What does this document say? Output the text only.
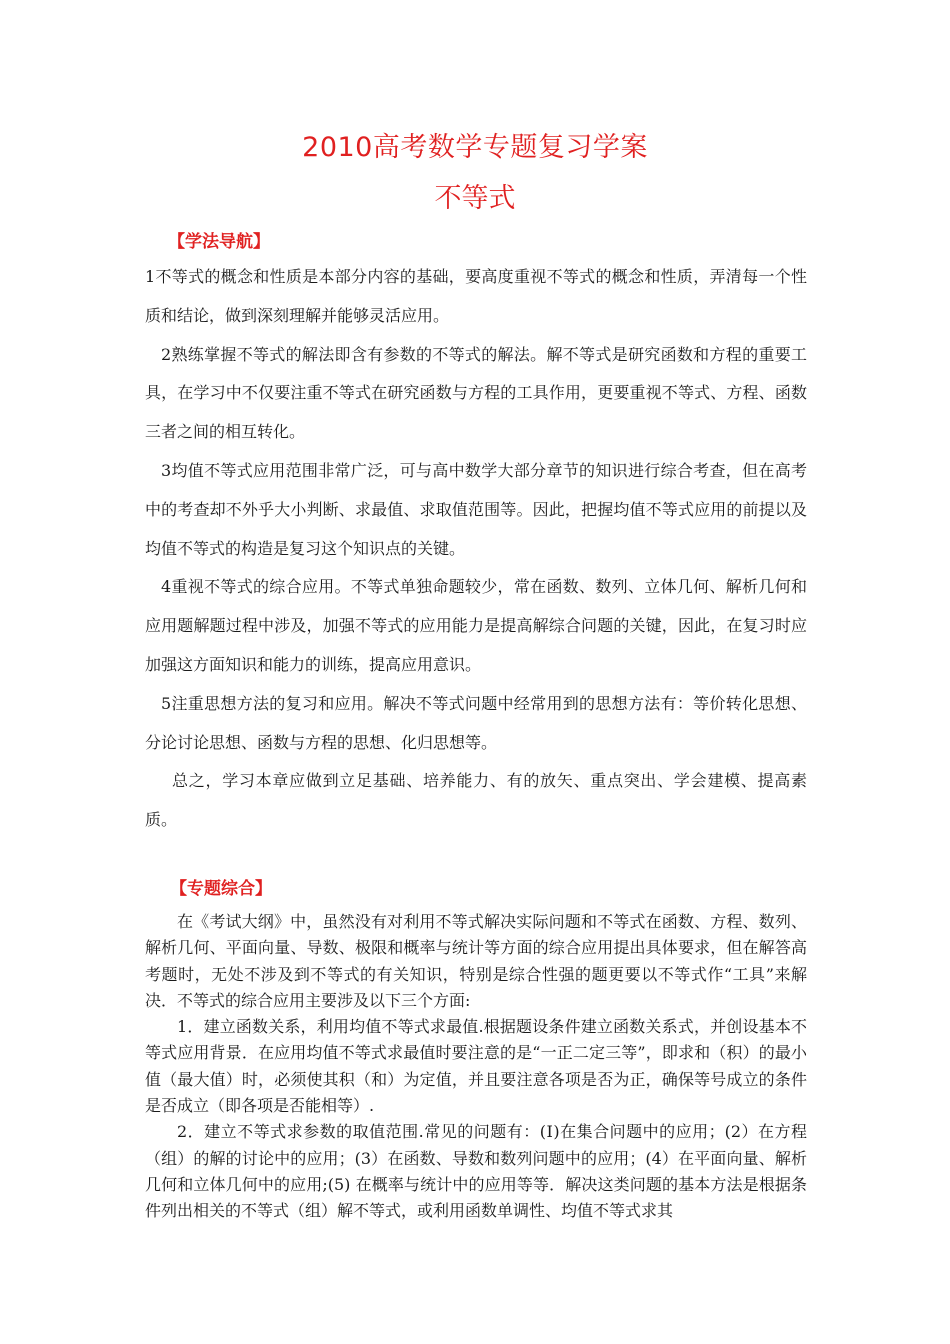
2010高考数学专题复习学案
不等式
【学法导航】

1不等式的概念和性质是本部分内容的基础，要高度重视不等式的概念和性质，弄清每一个性质和结论，做到深刻理解并能够灵活应用。

2熟练掌握不等式的解法即含有参数的不等式的解法。解不等式是研究函数和方程的重要工具，在学习中不仅要注重不等式在研究函数与方程的工具作用，更要重视不等式、方程、函数三者之间的相互转化。

3均值不等式应用范围非常广泛，可与高中数学大部分章节的知识进行综合考查，但在高考中的考查却不外乎大小判断、求最值、求取值范围等。因此，把握均值不等式应用的前提以及均值不等式的构造是复习这个知识点的关键。

4重视不等式的综合应用。不等式单独命题较少，常在函数、数列、立体几何、解析几何和应用题解题过程中涉及，加强不等式的应用能力是提高解综合问题的关键，因此，在复习时应加强这方面知识和能力的训练，提高应用意识。

5注重思想方法的复习和应用。解决不等式问题中经常用到的思想方法有：等价转化思想、分论讨论思想、函数与方程的思想、化归思想等。

总之，学习本章应做到立足基础、培养能力、有的放矢、重点突出、学会建模、提高素质。

【专题综合】

在《考试大纲》中，虽然没有对利用不等式解决实际问题和不等式在函数、方程、数列、解析几何、平面向量、导数、极限和概率与统计等方面的综合应用提出具体要求，但在解答高考题时，无处不涉及到不等式的有关知识，特别是综合性强的题更要以不等式作“工具”来解决．不等式的综合应用主要涉及以下三个方面:

1．建立函数关系，利用均值不等式求最值.根据题设条件建立函数关系式，并创设基本不等式应用背景．在应用均值不等式求最值时要注意的是“一正二定三等”，即求和（积）的最小值（最大值）时，必须使其积（和）为定值，并且要注意各项是否为正，确保等号成立的条件是否成立（即各项是否能相等）.

2．建立不等式求参数的取值范围.常见的问题有：(Ⅰ)在集合问题中的应用；(2）在方程（组）的解的讨论中的应用；(3）在函数、导数和数列问题中的应用；(4）在平面向量、解析几何和立体几何中的应用;(5) 在概率与统计中的应用等等．解决这类问题的基本方法是根据条件列出相关的不等式（组）解不等式，或利用函数单调性、均值不等式求其
